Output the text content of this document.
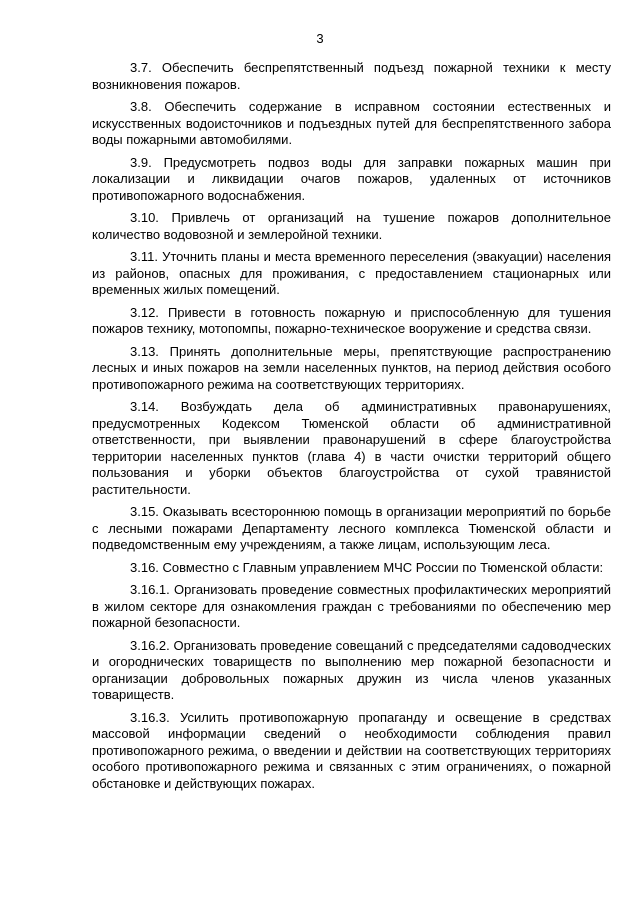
3

3.7. Обеспечить беспрепятственный подъезд пожарной техники к месту возникновения пожаров.

3.8. Обеспечить содержание в исправном состоянии естественных и искусственных водоисточников и подъездных путей для беспрепятственного забора воды пожарными автомобилями.

3.9. Предусмотреть подвоз воды для заправки пожарных машин при локализации и ликвидации очагов пожаров, удаленных от источников противопожарного водоснабжения.

3.10. Привлечь от организаций на тушение пожаров дополнительное количество водовозной и землеройной техники.

3.11. Уточнить планы и места временного переселения (эвакуации) населения из районов, опасных для проживания, с предоставлением стационарных или временных жилых помещений.

3.12. Привести в готовность пожарную и приспособленную для тушения пожаров технику, мотопомпы, пожарно-техническое вооружение и средства связи.

3.13. Принять дополнительные меры, препятствующие распространению лесных и иных пожаров на земли населенных пунктов, на период действия особого противопожарного режима на соответствующих территориях.

3.14. Возбуждать дела об административных правонарушениях, предусмотренных Кодексом Тюменской области об административной ответственности, при выявлении правонарушений в сфере благоустройства территории населенных пунктов (глава 4) в части очистки территорий общего пользования и уборки объектов благоустройства от сухой травянистой растительности.

3.15. Оказывать всестороннюю помощь в организации мероприятий по борьбе с лесными пожарами Департаменту лесного комплекса Тюменской области и подведомственным ему учреждениям, а также лицам, использующим леса.

3.16. Совместно с Главным управлением МЧС России по Тюменской области:

3.16.1. Организовать проведение совместных профилактических мероприятий в жилом секторе для ознакомления граждан с требованиями по обеспечению мер пожарной безопасности.

3.16.2. Организовать проведение совещаний с председателями садоводческих и огороднических товариществ по выполнению мер пожарной безопасности и организации добровольных пожарных дружин из числа членов указанных товариществ.

3.16.3. Усилить противопожарную пропаганду и освещение в средствах массовой информации сведений о необходимости соблюдения правил противопожарного режима, о введении и действии на соответствующих территориях особого противопожарного режима и связанных с этим ограничениях, о пожарной обстановке и действующих пожарах.
